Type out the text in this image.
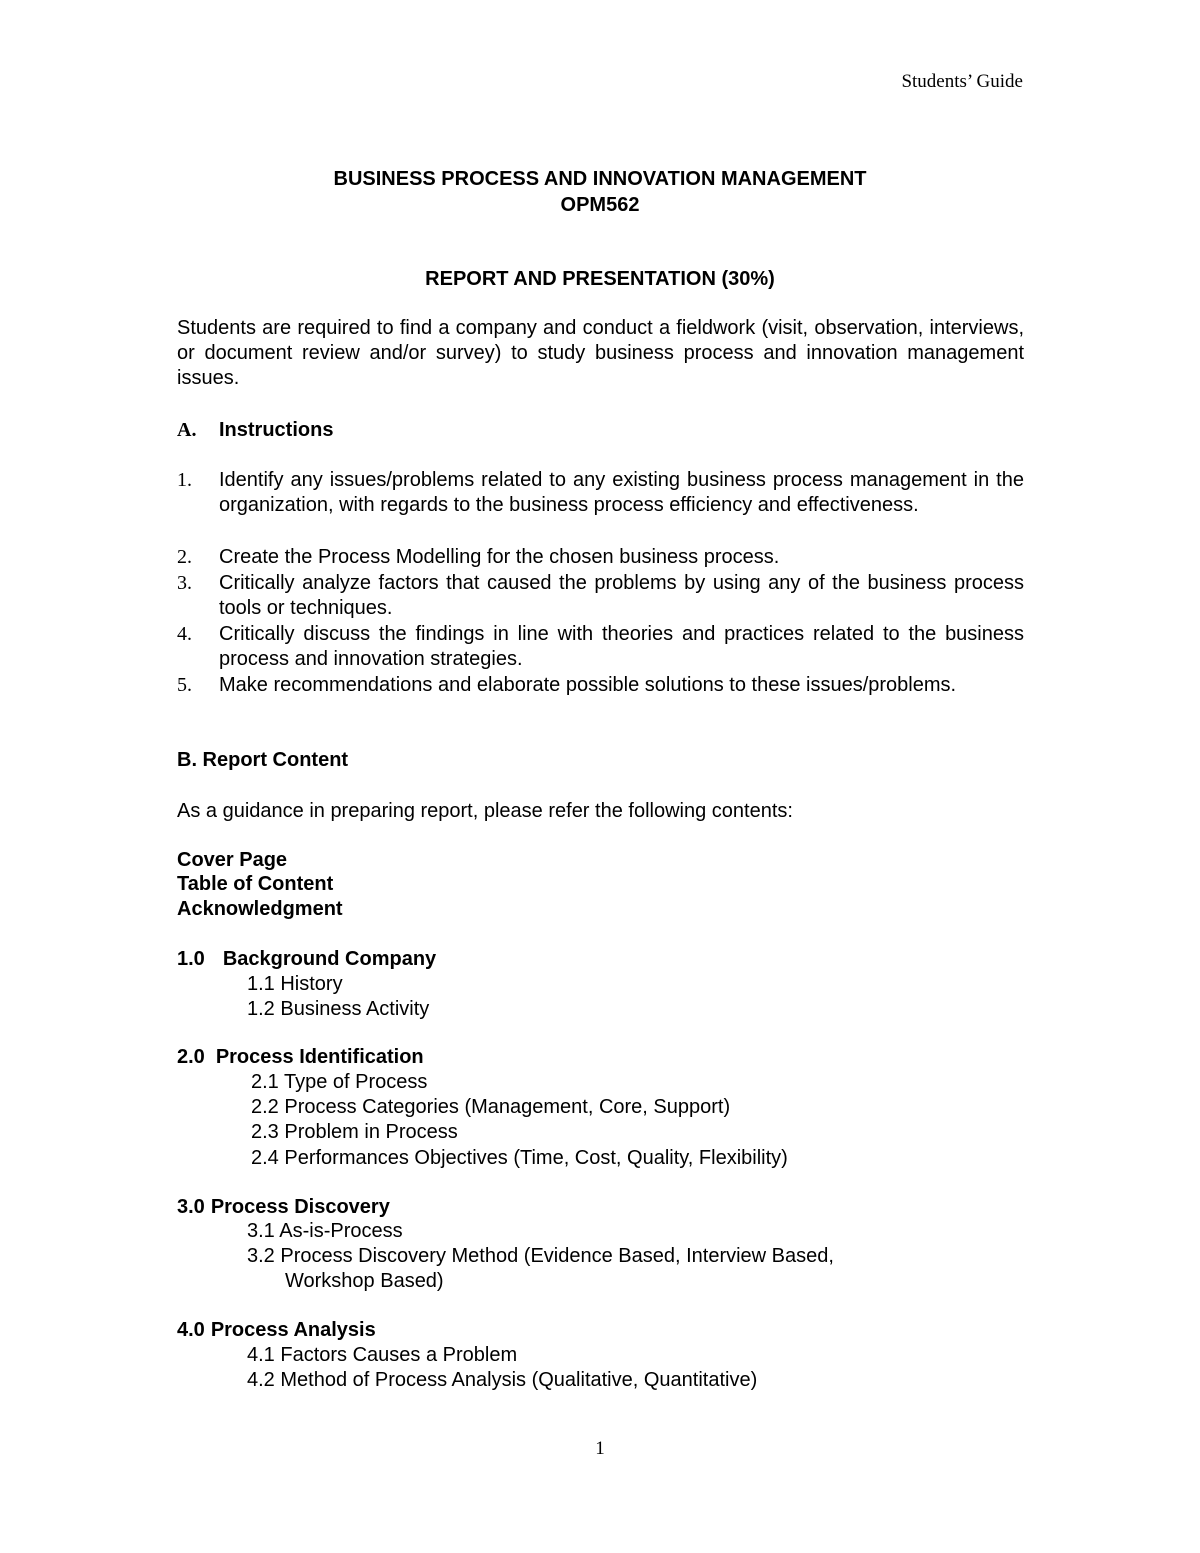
Students’ Guide
BUSINESS PROCESS AND INNOVATION MANAGEMENT
OPM562
REPORT AND PRESENTATION (30%)
Students are required to find a company and conduct a fieldwork (visit, observation, interviews, or document review and/or survey) to study business process and innovation management issues.
A. Instructions
1. Identify any issues/problems related to any existing business process management in the organization, with regards to the business process efficiency and effectiveness.
2. Create the Process Modelling for the chosen business process.
3. Critically analyze factors that caused the problems by using any of the business process tools or techniques.
4. Critically discuss the findings in line with theories and practices related to the business process and innovation strategies.
5. Make recommendations and elaborate possible solutions to these issues/problems.
B. Report Content
As a guidance in preparing report, please refer the following contents:
Cover Page
Table of Content
Acknowledgment
1.0 Background Company
1.1 History
1.2 Business Activity
2.0 Process Identification
2.1 Type of Process
2.2 Process Categories (Management, Core, Support)
2.3 Problem in Process
2.4 Performances Objectives (Time, Cost, Quality, Flexibility)
3.0 Process Discovery
3.1 As-is-Process
3.2 Process Discovery Method (Evidence Based, Interview Based,
Workshop Based)
4.0 Process Analysis
4.1 Factors Causes a Problem
4.2 Method of Process Analysis (Qualitative, Quantitative)
1
